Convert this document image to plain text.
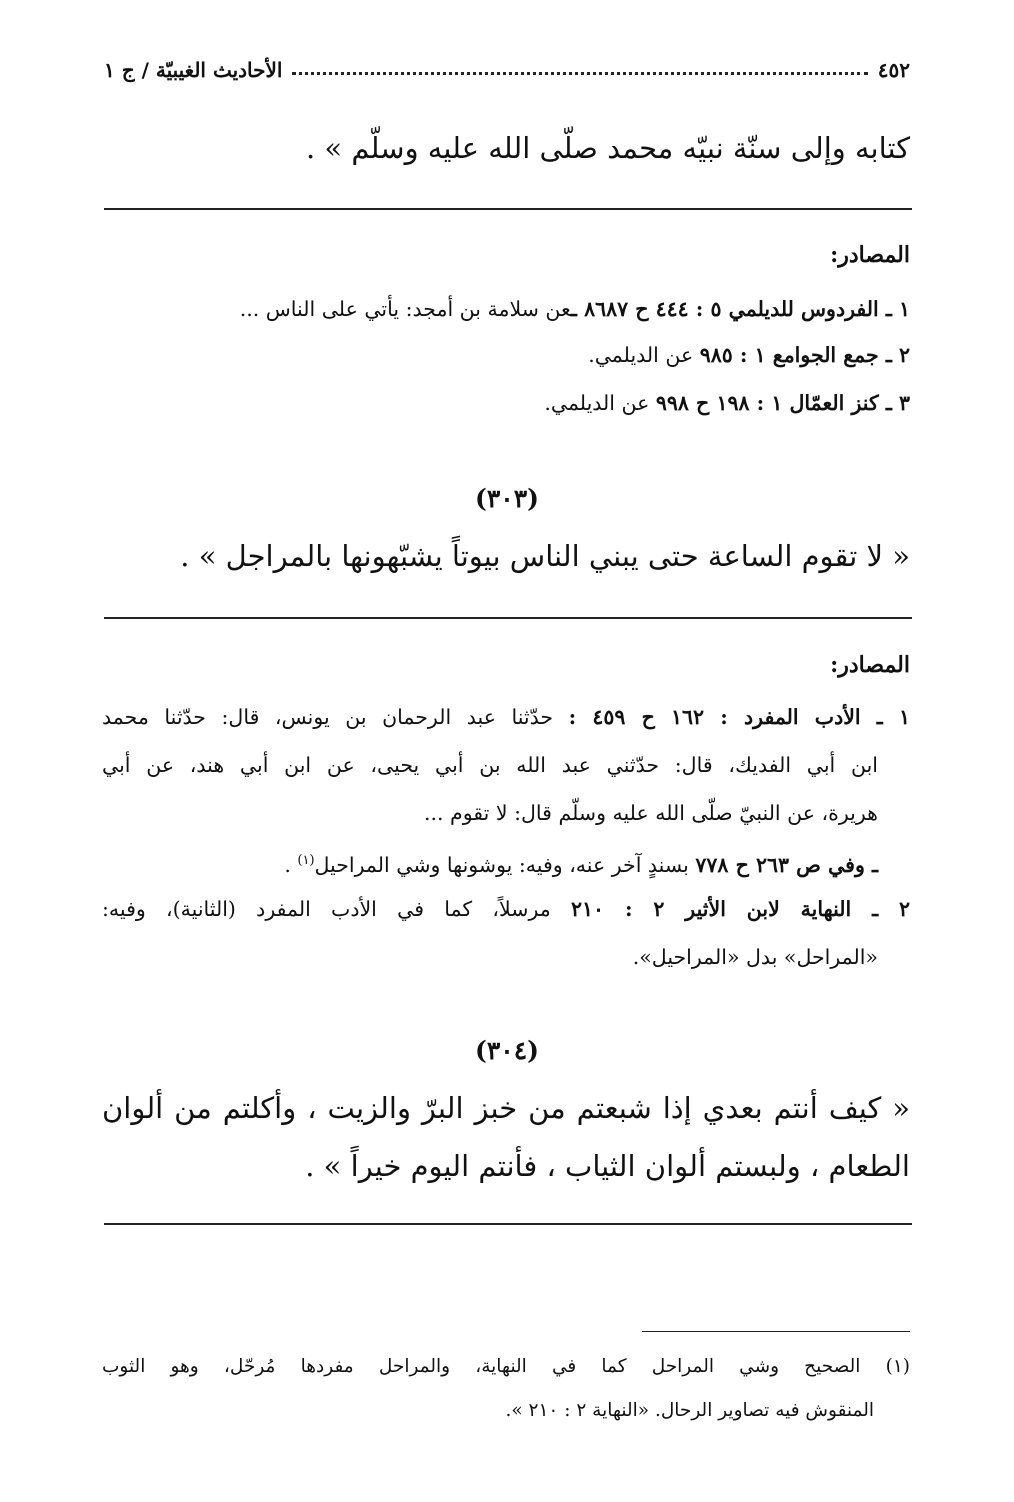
الأحاديث الغيبيّة / ج ١	٤٥٢
كتابه وإلى سنّة نبيّه محمد صلّى الله عليه وسلّم » .
المصادر:
١ ـ الفردوس للديلمي ٥ : ٤٤٤ ح ٨٦٨٧ ـعن سلامة بن أمجد: يأتي على الناس ...
٢ ـ جمع الجوامع ١ : ٩٨٥ عن الديلمي.
٣ ـ كنز العمّال ١ : ١٩٨ ح ٩٩٨ عن الديلمي.
(٣٠٣)
« لا تقوم الساعة حتى يبني الناس بيوتاً يشبّهونها بالمراجل » .
المصادر:
١ ـ الأدب المفرد : ١٦٢ ح ٤٥٩ : حدّثنا عبد الرحمان بن يونس، قال: حدّثنا محمد
ابن أبي الفديك، قال: حدّثني عبد الله بن أبي يحيى، عن ابن أبي هند، عن أبي
هريرة، عن النبيّ صلّى الله عليه وسلّم قال: لا تقوم ...
ـ وفي ص ٢٦٣ ح ٧٧٨ بسندٍ آخر عنه، وفيه: يوشونها وشي المراحيل$^{(١)}$ .
٢ ـ النهاية لابن الأثير ٢ : ٢١٠ مرسلاً، كما في الأدب المفرد (الثانية)، وفيه:
«المراحل» بدل «المراحيل».
(٣٠٤)
« كيف أنتم بعدي إذا شبعتم من خبز البرّ والزيت ، وأكلتم من ألوان
الطعام ، ولبستم ألوان الثياب ، فأنتم اليوم خيراً » .
(١) الصحيح وشي المراحل كما في النهاية، والمراحل مفردها مُرحّل، وهو الثوب
المنقوش فيه تصاوير الرحال. «النهاية ٢ : ٢١٠ ».
